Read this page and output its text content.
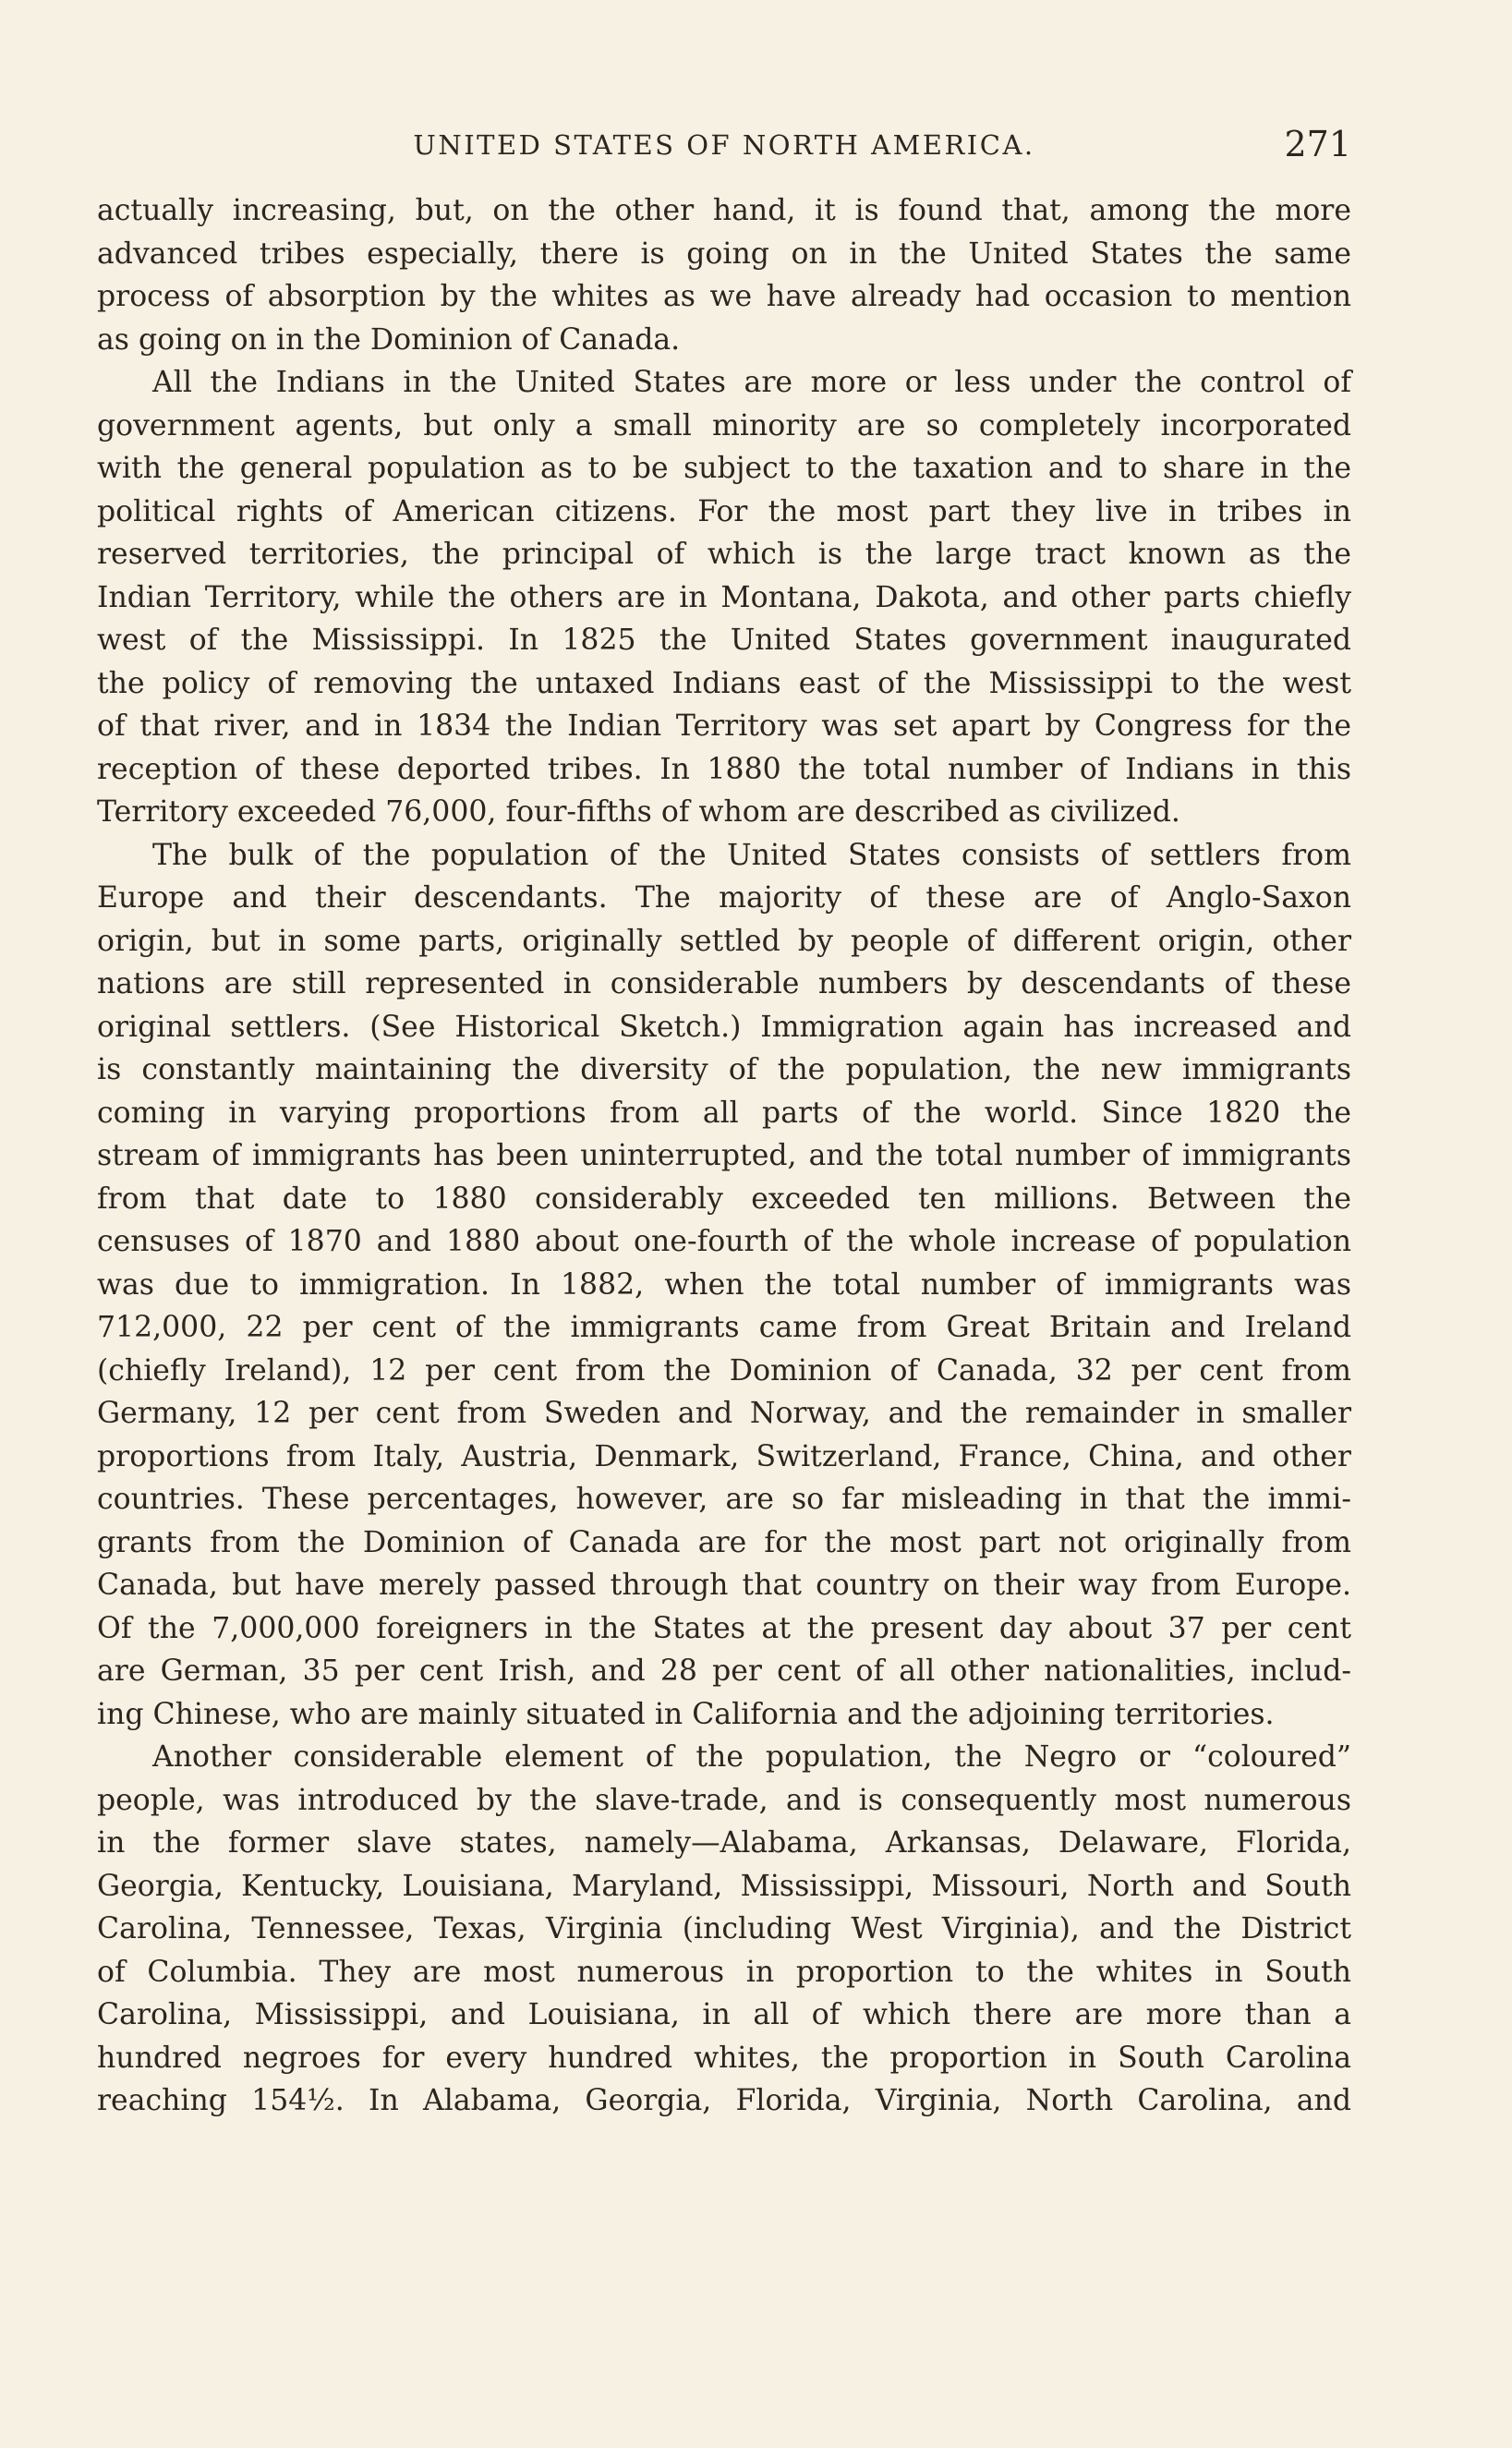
UNITED STATES OF NORTH AMERICA.	271

actually increasing, but, on the other hand, it is found that, among the more
advanced tribes especially, there is going on in the United States the same
process of absorption by the whites as we have already had occasion to mention
as going on in the Dominion of Canada.

All the Indians in the United States are more or less under the control of
government agents, but only a small minority are so completely incorporated
with the general population as to be subject to the taxation and to share in the
political rights of American citizens. For the most part they live in tribes in
reserved territories, the principal of which is the large tract known as the
Indian Territory, while the others are in Montana, Dakota, and other parts chiefly
west of the Mississippi. In 1825 the United States government inaugurated
the policy of removing the untaxed Indians east of the Mississippi to the west
of that river, and in 1834 the Indian Territory was set apart by Congress for the
reception of these deported tribes. In 1880 the total number of Indians in this
Territory exceeded 76,000, four-fifths of whom are described as civilized.

The bulk of the population of the United States consists of settlers from
Europe and their descendants. The majority of these are of Anglo-Saxon
origin, but in some parts, originally settled by people of different origin, other
nations are still represented in considerable numbers by descendants of these
original settlers. (See Historical Sketch.) Immigration again has increased and
is constantly maintaining the diversity of the population, the new immigrants
coming in varying proportions from all parts of the world. Since 1820 the
stream of immigrants has been uninterrupted, and the total number of immigrants
from that date to 1880 considerably exceeded ten millions. Between the
censuses of 1870 and 1880 about one-fourth of the whole increase of population
was due to immigration. In 1882, when the total number of immigrants was
712,000, 22 per cent of the immigrants came from Great Britain and Ireland
(chiefly Ireland), 12 per cent from the Dominion of Canada, 32 per cent from
Germany, 12 per cent from Sweden and Norway, and the remainder in smaller
proportions from Italy, Austria, Denmark, Switzerland, France, China, and other
countries. These percentages, however, are so far misleading in that the immi-
grants from the Dominion of Canada are for the most part not originally from
Canada, but have merely passed through that country on their way from Europe.
Of the 7,000,000 foreigners in the States at the present day about 37 per cent
are German, 35 per cent Irish, and 28 per cent of all other nationalities, includ-
ing Chinese, who are mainly situated in California and the adjoining territories.

Another considerable element of the population, the Negro or “coloured”
people, was introduced by the slave-trade, and is consequently most numerous
in the former slave states, namely—Alabama, Arkansas, Delaware, Florida,
Georgia, Kentucky, Louisiana, Maryland, Mississippi, Missouri, North and South
Carolina, Tennessee, Texas, Virginia (including West Virginia), and the District
of Columbia. They are most numerous in proportion to the whites in South
Carolina, Mississippi, and Louisiana, in all of which there are more than a
hundred negroes for every hundred whites, the proportion in South Carolina
reaching 154½. In Alabama, Georgia, Florida, Virginia, North Carolina, and
